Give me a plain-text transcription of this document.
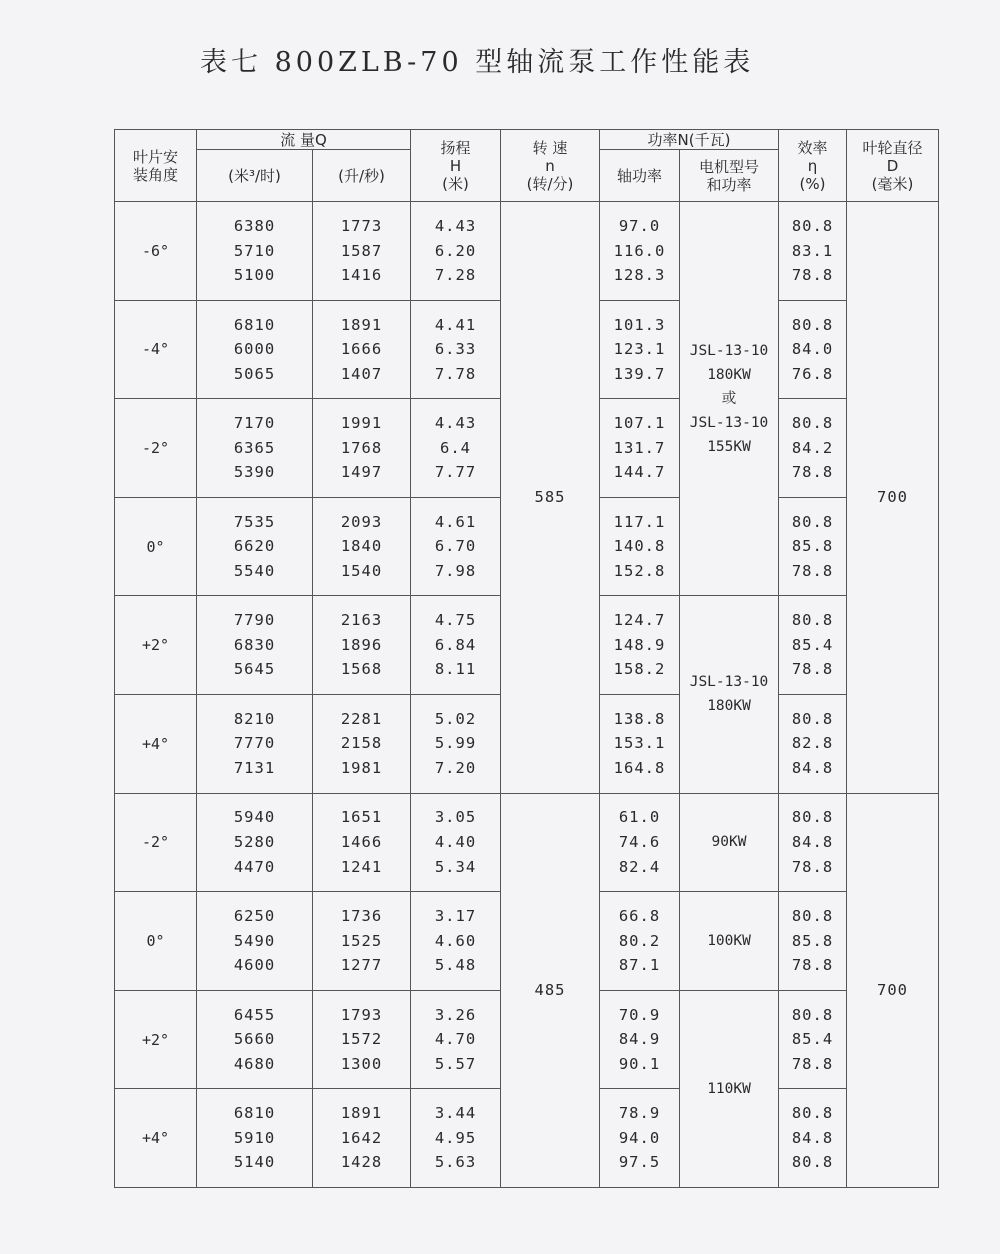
表七 800ZLB-70 型轴流泵工作性能表
叶片安
装角度	流 量Q		扬程
H
(米)	转 速
n
(转/分)	功率N(千瓦)		效率
η
(%)	叶轮直径
D
(毫米)

	(米³/时)	(升/秒)			轴功率	电机型号
和功率		

-6°	6380
5710
5100	1773
1587
1416	4.43
6.20
7.28	585	97.0
116.0
128.3	JSL-13-10
180KW
或
JSL-13-10
155KW	80.8
83.1
78.8	700
-4°	6810
6000
5065	1891
1666
1407	4.41
6.33
7.78		101.3
123.1
139.7		80.8
84.0
76.8	

-2°	7170
6365
5390	1991
1768
1497	4.43
6.4
7.77		107.1
131.7
144.7		80.8
84.2
78.8	

0°	7535
6620
5540	2093
1840
1540	4.61
6.70
7.98		117.1
140.8
152.8		80.8
85.8
78.8	

+2°	7790
6830
5645	2163
1896
1568	4.75
6.84
8.11		124.7
148.9
158.2	JSL-13-10
180KW	80.8
85.4
78.8	

+4°	8210
7770
7131	2281
2158
1981	5.02
5.99
7.20		138.8
153.1
164.8		80.8
82.8
84.8	

-2°	5940
5280
4470	1651
1466
1241	3.05
4.40
5.34	485	61.0
74.6
82.4	90KW	80.8
84.8
78.8	700
0°	6250
5490
4600	1736
1525
1277	3.17
4.60
5.48		66.8
80.2
87.1	100KW	80.8
85.8
78.8	

+2°	6455
5660
4680	1793
1572
1300	3.26
4.70
5.57		70.9
84.9
90.1	110KW	80.8
85.4
78.8	

+4°	6810
5910
5140	1891
1642
1428	3.44
4.95
5.63		78.9
94.0
97.5		80.8
84.8
80.8	
